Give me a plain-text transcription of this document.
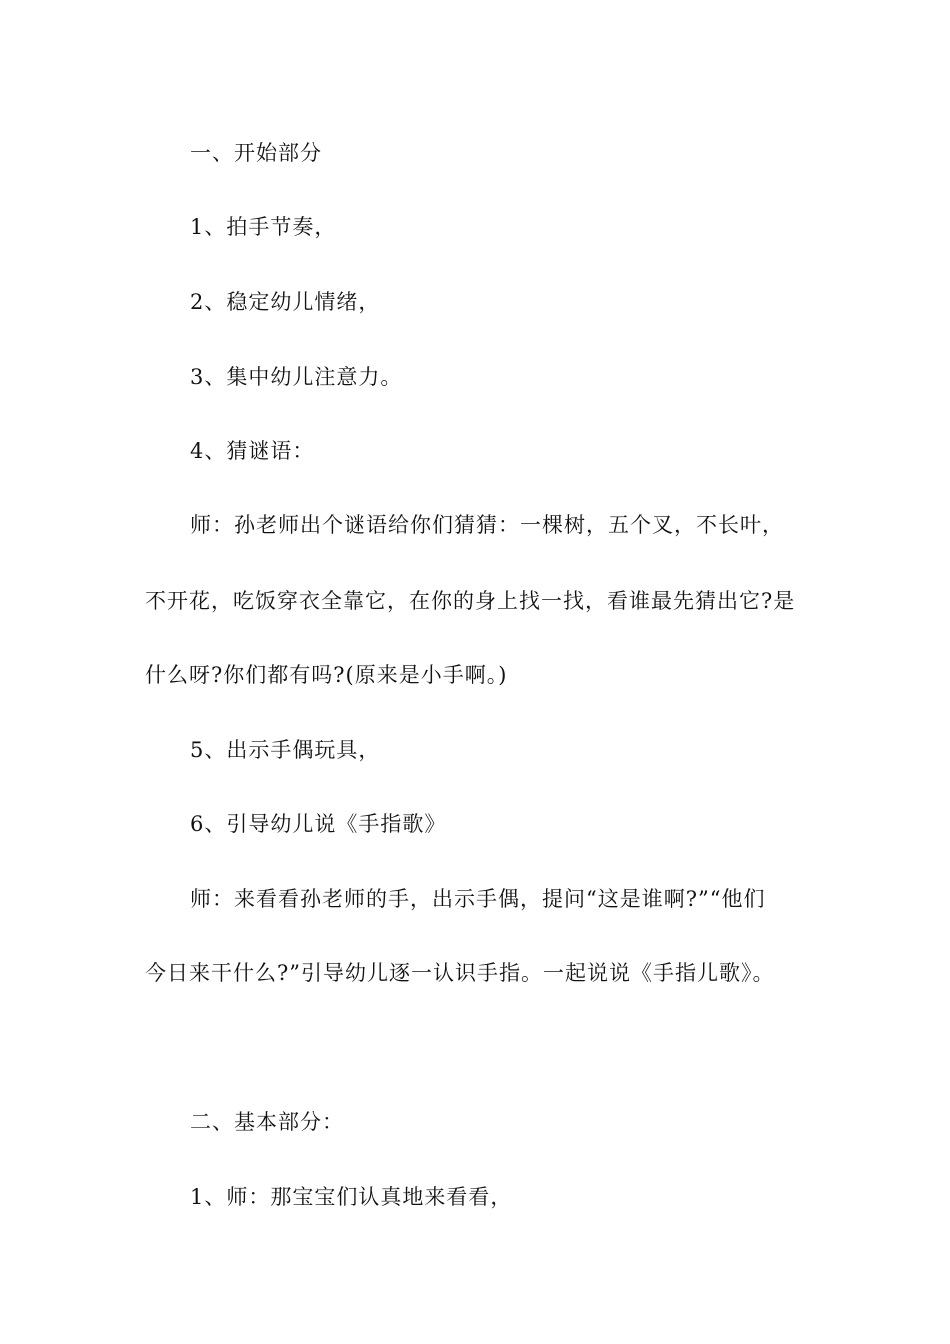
一、开始部分
1、拍手节奏，
2、稳定幼儿情绪，
3、集中幼儿注意力。
4、猜谜语：
师：孙老师出个谜语给你们猜猜：一棵树，五个叉，不长叶，
不开花，吃饭穿衣全靠它，在你的身上找一找，看谁最先猜出它?是
什么呀?你们都有吗?(原来是小手啊。)
5、出示手偶玩具，
6、引导幼儿说《手指歌》
师：来看看孙老师的手，出示手偶，提问“这是谁啊?”“他们
今日来干什么?”引导幼儿逐一认识手指。一起说说《手指儿歌》。
二、基本部分：
1、师：那宝宝们认真地来看看，
